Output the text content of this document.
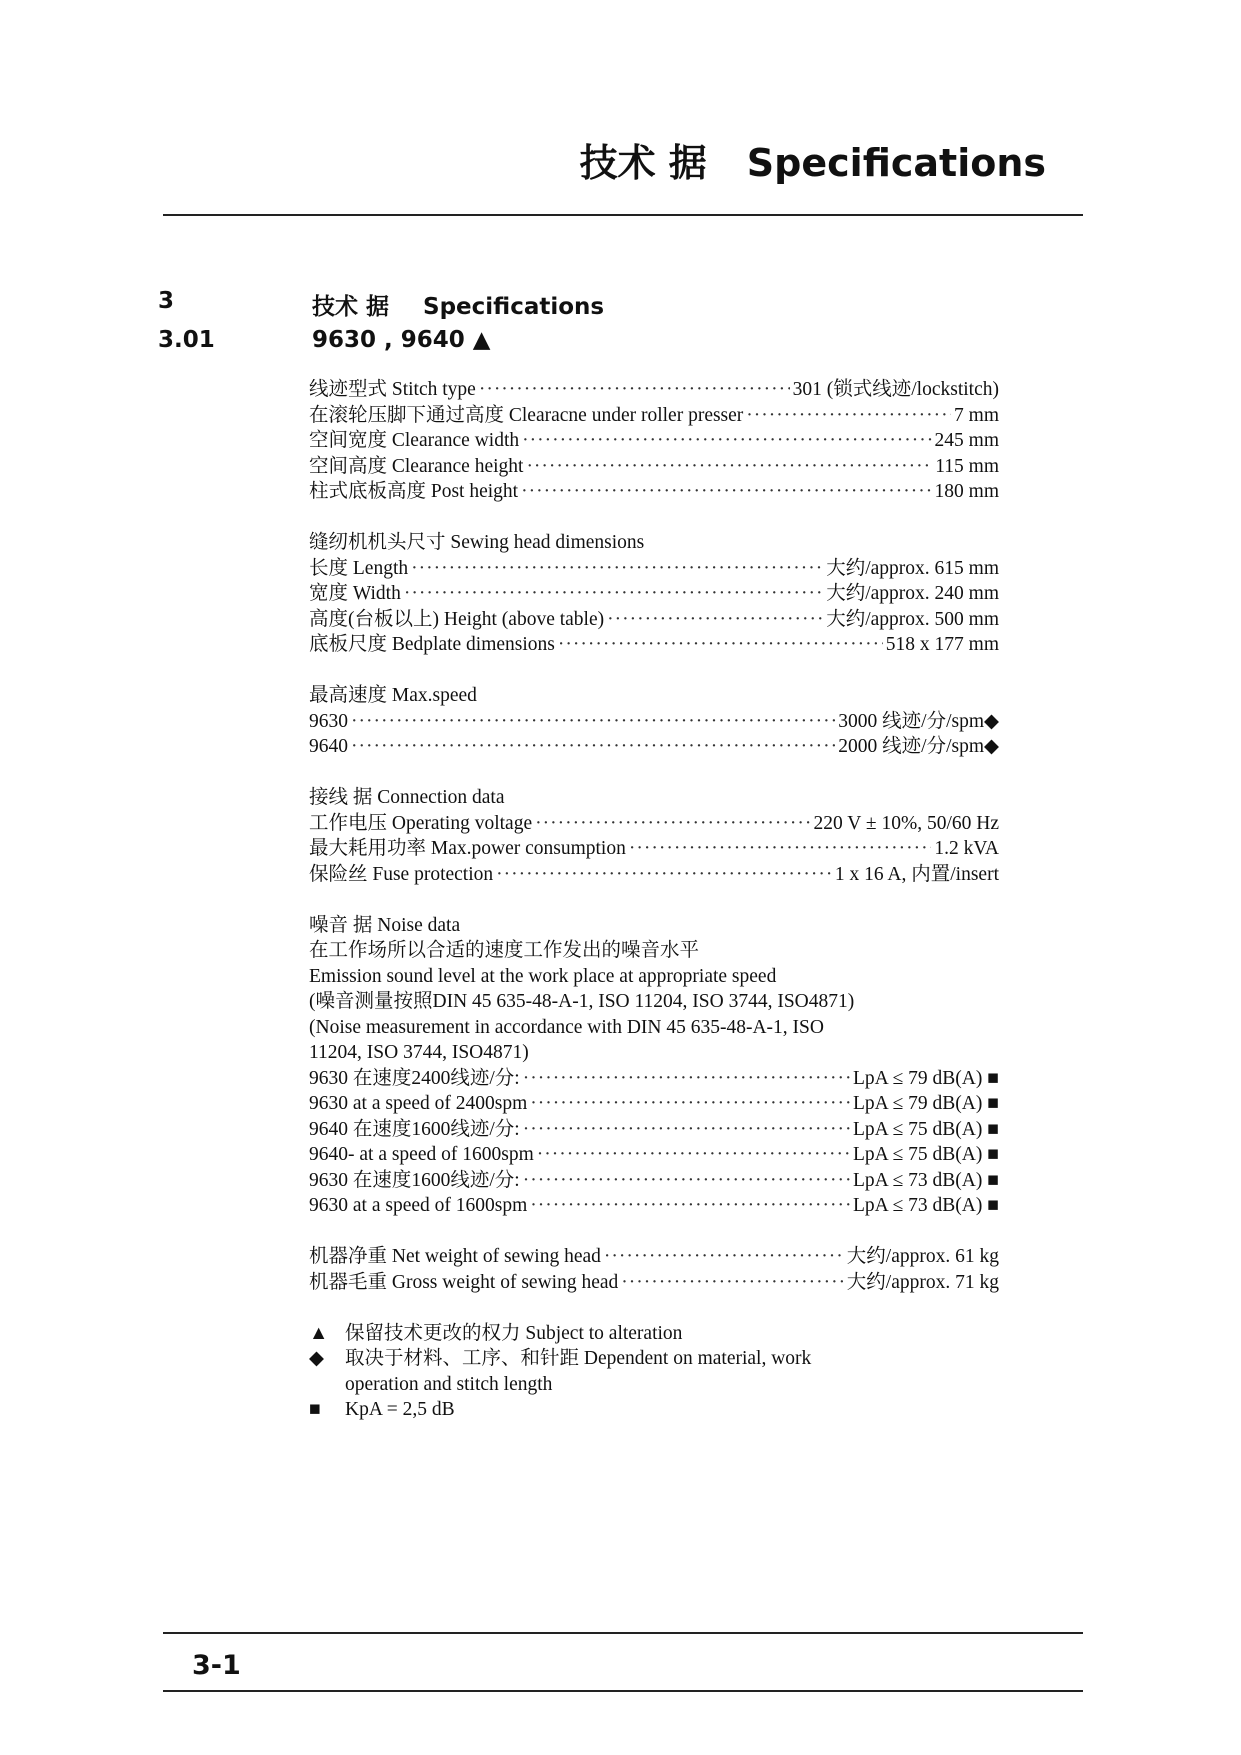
技术 据 Specifications
3	技术 据 Specifications
3.01	9630 , 9640 ▲
线迹型式 Stitch type ·····	301 (锁式线迹/lockstitch)
在滚轮压脚下通过高度 Clearacne under roller presser ·····	7 mm
空间宽度 Clearance width ·····	245 mm
空间高度 Clearance height ·····	115 mm
柱式底板高度 Post height ·····	180 mm
缝纫机机头尺寸 Sewing head dimensions
长度 Length ·····	大约/approx. 615 mm
宽度 Width ·····	大约/approx. 240 mm
高度(台板以上) Height (above table) ·····	大约/approx. 500 mm
底板尺度 Bedplate dimensions ·····	518 x 177 mm
最高速度 Max.speed
9630 ·····	3000 线迹/分/spm◆
9640 ·····	2000 线迹/分/spm◆
接线 据 Connection data
工作电压 Operating voltage ·····	220 V ± 10%, 50/60 Hz
最大耗用功率 Max.power consumption ·····	1.2 kVA
保险丝 Fuse protection ·····	1 x 16 A, 内置/insert
噪音 据 Noise data
在工作场所以合适的速度工作发出的噪音水平
Emission sound level at the work place at appropriate speed
(噪音测量按照DIN 45 635-48-A-1, ISO 11204, ISO 3744, ISO4871)
(Noise measurement in accordance with DIN 45 635-48-A-1, ISO
11204, ISO 3744, ISO4871)
9630 在速度2400线迹/分: ·····	LpA ≤ 79 dB(A) ■
9630 at a speed of 2400spm ·····	LpA ≤ 79 dB(A) ■
9640 在速度1600线迹/分: ·····	LpA ≤ 75 dB(A) ■
9640- at a speed of 1600spm ·····	LpA ≤ 75 dB(A) ■
9630 在速度1600线迹/分: ·····	LpA ≤ 73 dB(A) ■
9630 at a speed of 1600spm ·····	LpA ≤ 73 dB(A) ■
机器净重 Net weight of sewing head ·····	大约/approx. 61 kg
机器毛重 Gross weight of sewing head ·····	大约/approx. 71 kg
▲ 保留技术更改的权力 Subject to alteration
◆	取决于材料、工序、和针距 Dependent on material, work
operation and stitch length
■	KpA = 2,5 dB
3-1
